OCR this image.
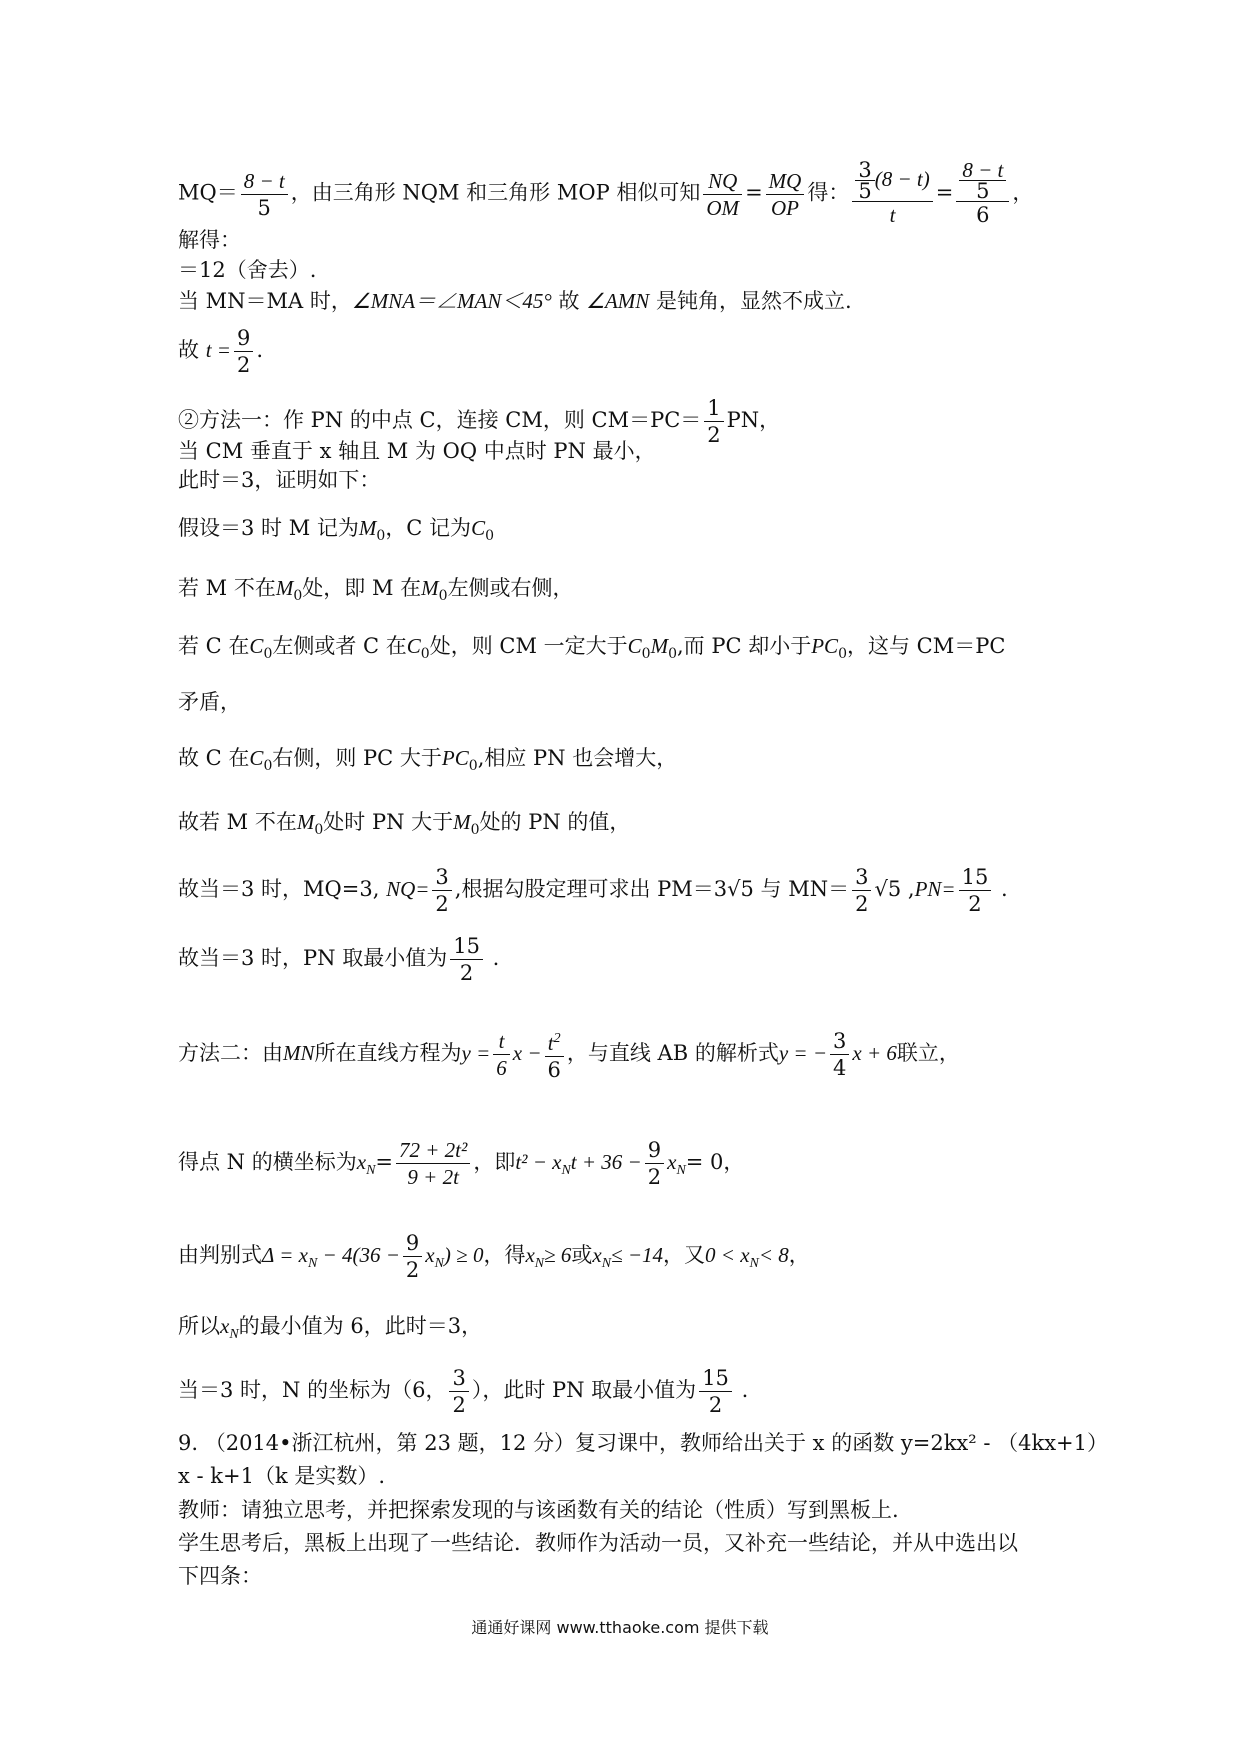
$MQ= \frac{8 - t}{5}$ ，由三角形 NQM 和三角形 MOP 相似可知 $\frac{NQ}{OM} = \frac{MQ}{OP}$ 得： $\frac{\frac{3}{5} (8 - t)}{t} = \frac{\frac{8 - t}{5}}{6}$ ，
解得：
＝12（舍去）.
当 MN＝MA 时，∠MNA＝∠MAN＜45° 故 ∠AMN 是钝角，显然不成立.
故 $t = \frac{9}{2}$ .
②方法一：作 PN 的中点 C，连接 CM，则 $CM=PC= \frac{1}{2}$ PN，
当 CM 垂直于 x 轴且 M 为 OQ 中点时 PN 最小，
此时＝3，证明如下：
假设＝3 时 M 记为$M_0$，C 记为$C_0$
若 M 不在$M_0$处，即 M 在$M_0$左侧或右侧，
若 C 在$C_0$左侧或者 C 在$C_0$处，则 CM 一定大于$C_0M_0$,而 PC 却小于$PC_0$，这与 CM＝PC
矛盾，
故 C 在$C_0$右侧，则 PC 大于$PC_0$,相应 PN 也会增大，
故若 M 不在$M_0$处时 PN 大于$M_0$处的 PN 的值，
故当＝3 时，MQ=3, $NQ= \frac{3}{2}$ ,根据勾股定理可求出 PM＝3√5 与 $MN= \frac{3}{2} √5$ $,PN= \frac{15}{2}$ .
故当＝3 时，PN 取最小值为 $\frac{15}{2}$ .
方法二：由MN所在直线方程为$y = \frac{t}{6}$ $x - \frac{t^2}{6}$ ，与直线 AB 的解析式y = − $\frac{3}{4}$ x + 6联立，
得点 N 的横坐标为$x_N= \frac{\text{72 + 2t²}}{9 + 2t}$ ，即$t^2 - x_Nt + 36 - \frac{9}{2} x_N= 0$，
由判别式$\Delta = x_N - 4(36 - \frac{9}{2} x_N) \ge 0$，得$x_N\ge 6$或$x_N\le -14$，又$0 < x_N< 8$，
所以$x_N$的最小值为 6，此时＝3，
当＝3 时，N 的坐标为（6， $\frac{3}{2}$ ），此时 PN 取最小值为 $\frac{15}{2}$ .
9. （2014•浙江杭州，第 23 题，12 分）复习课中，教师给出关于 x 的函数 y=2kx² - （4kx+1）
x - k+1（k 是实数）.
教师：请独立思考，并把探索发现的与该函数有关的结论（性质）写到黑板上.
学生思考后，黑板上出现了一些结论．教师作为活动一员，又补充一些结论，并从中选出以
下四条：
通通好课网 www.tthaoke.com 提供下载
